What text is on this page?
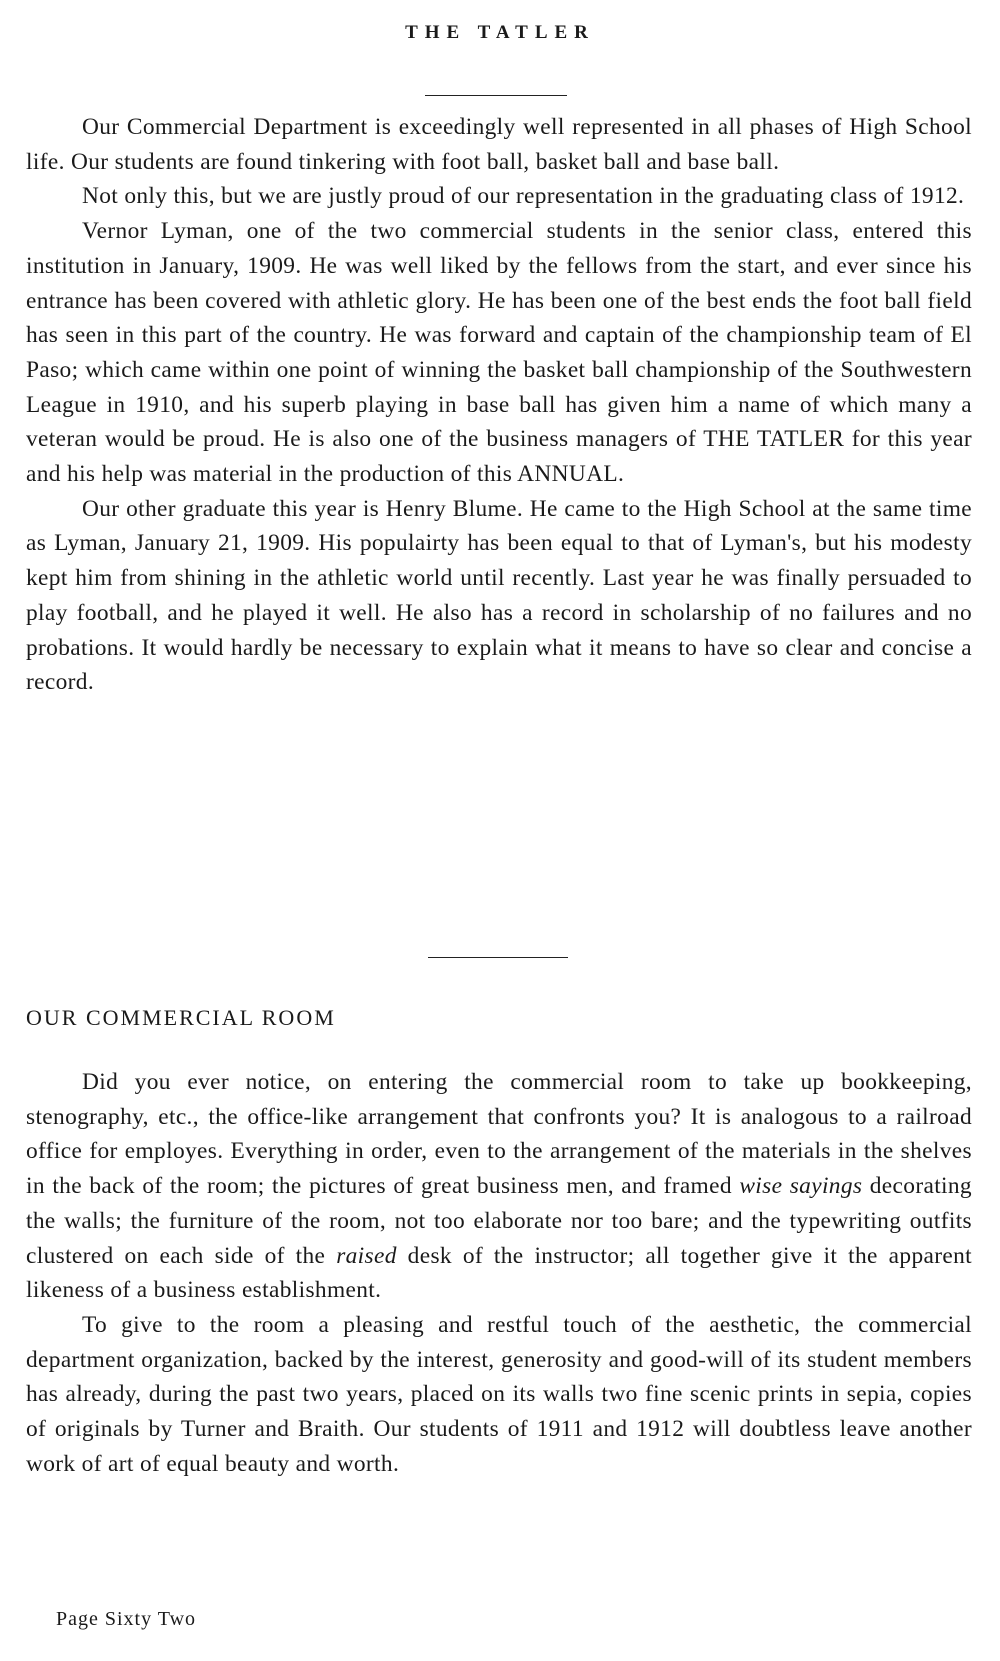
THE TATLER

Our Commercial Department is exceedingly well represented in all phases of High School life. Our students are found tinkering with foot ball, basket ball and base ball.

Not only this, but we are justly proud of our representation in the graduating class of 1912.

Vernor Lyman, one of the two commercial students in the senior class, entered this institution in January, 1909. He was well liked by the fellows from the start, and ever since his entrance has been covered with athletic glory. He has been one of the best ends the foot ball field has seen in this part of the country. He was forward and captain of the championship team of El Paso; which came within one point of winning the basket ball championship of the Southwestern League in 1910, and his superb playing in base ball has given him a name of which many a veteran would be proud. He is also one of the business managers of THE TATLER for this year and his help was material in the production of this ANNUAL.

Our other graduate this year is Henry Blume. He came to the High School at the same time as Lyman, January 21, 1909. His populairty has been equal to that of Lyman's, but his modesty kept him from shining in the athletic world until recently. Last year he was finally persuaded to play football, and he played it well. He also has a record in scholarship of no failures and no probations. It would hardly be necessary to explain what it means to have so clear and concise a record.

OUR COMMERCIAL ROOM

Did you ever notice, on entering the commercial room to take up bookkeeping, stenography, etc., the office-like arrangement that confronts you? It is analogous to a railroad office for employes. Everything in order, even to the arrangement of the materials in the shelves in the back of the room; the pictures of great business men, and framed wise sayings decorating the walls; the furniture of the room, not too elaborate nor too bare; and the typewriting outfits clustered on each side of the raised desk of the instructor; all together give it the apparent likeness of a business establishment.

To give to the room a pleasing and restful touch of the aesthetic, the commercial department organization, backed by the interest, generosity and good-will of its student members has already, during the past two years, placed on its walls two fine scenic prints in sepia, copies of originals by Turner and Braith. Our students of 1911 and 1912 will doubtless leave another work of art of equal beauty and worth.

Page Sixty Two
